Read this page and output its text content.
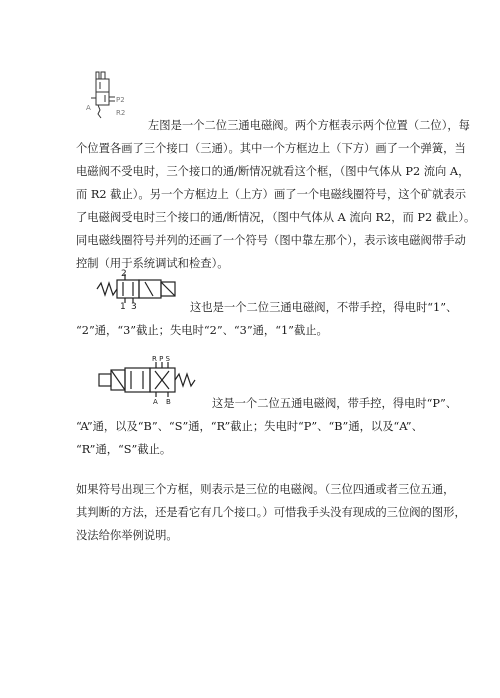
A
P2
R2
左图是一个二位三通电磁阀。两个方框表示两个位置（二位），每
个位置各画了三个接口（三通）。其中一个方框边上（下方）画了一个弹簧，当
电磁阀不受电时，三个接口的通/断情况就看这个框，（图中气体从 P2 流向 A，
而 R2 截止）。另一个方框边上（上方）画了一个电磁线圈符号，这个矿就表示
了电磁阀受电时三个接口的通/断情况，（图中气体从 A 流向 R2，而 P2 截止）。
同电磁线圈符号并列的还画了一个符号（图中靠左那个），表示该电磁阀带手动
控制（用于系统调试和检查）。
2
1 3	这也是一个二位三通电磁阀，不带手控，得电时“1”、
“2”通，“3”截止；失电时“2”、“3”通，“1”截止。
R P S
A B	这是一个二位五通电磁阀，带手控，得电时“P”、
“A”通，以及“B”、“S”通，“R”截止；失电时“P”、“B”通，以及“A”、
“R”通，“S”截止。
如果符号出现三个方框，则表示是三位的电磁阀。（三位四通或者三位五通，
其判断的方法，还是看它有几个接口。）可惜我手头没有现成的三位阀的图形，
没法给你举例说明。
